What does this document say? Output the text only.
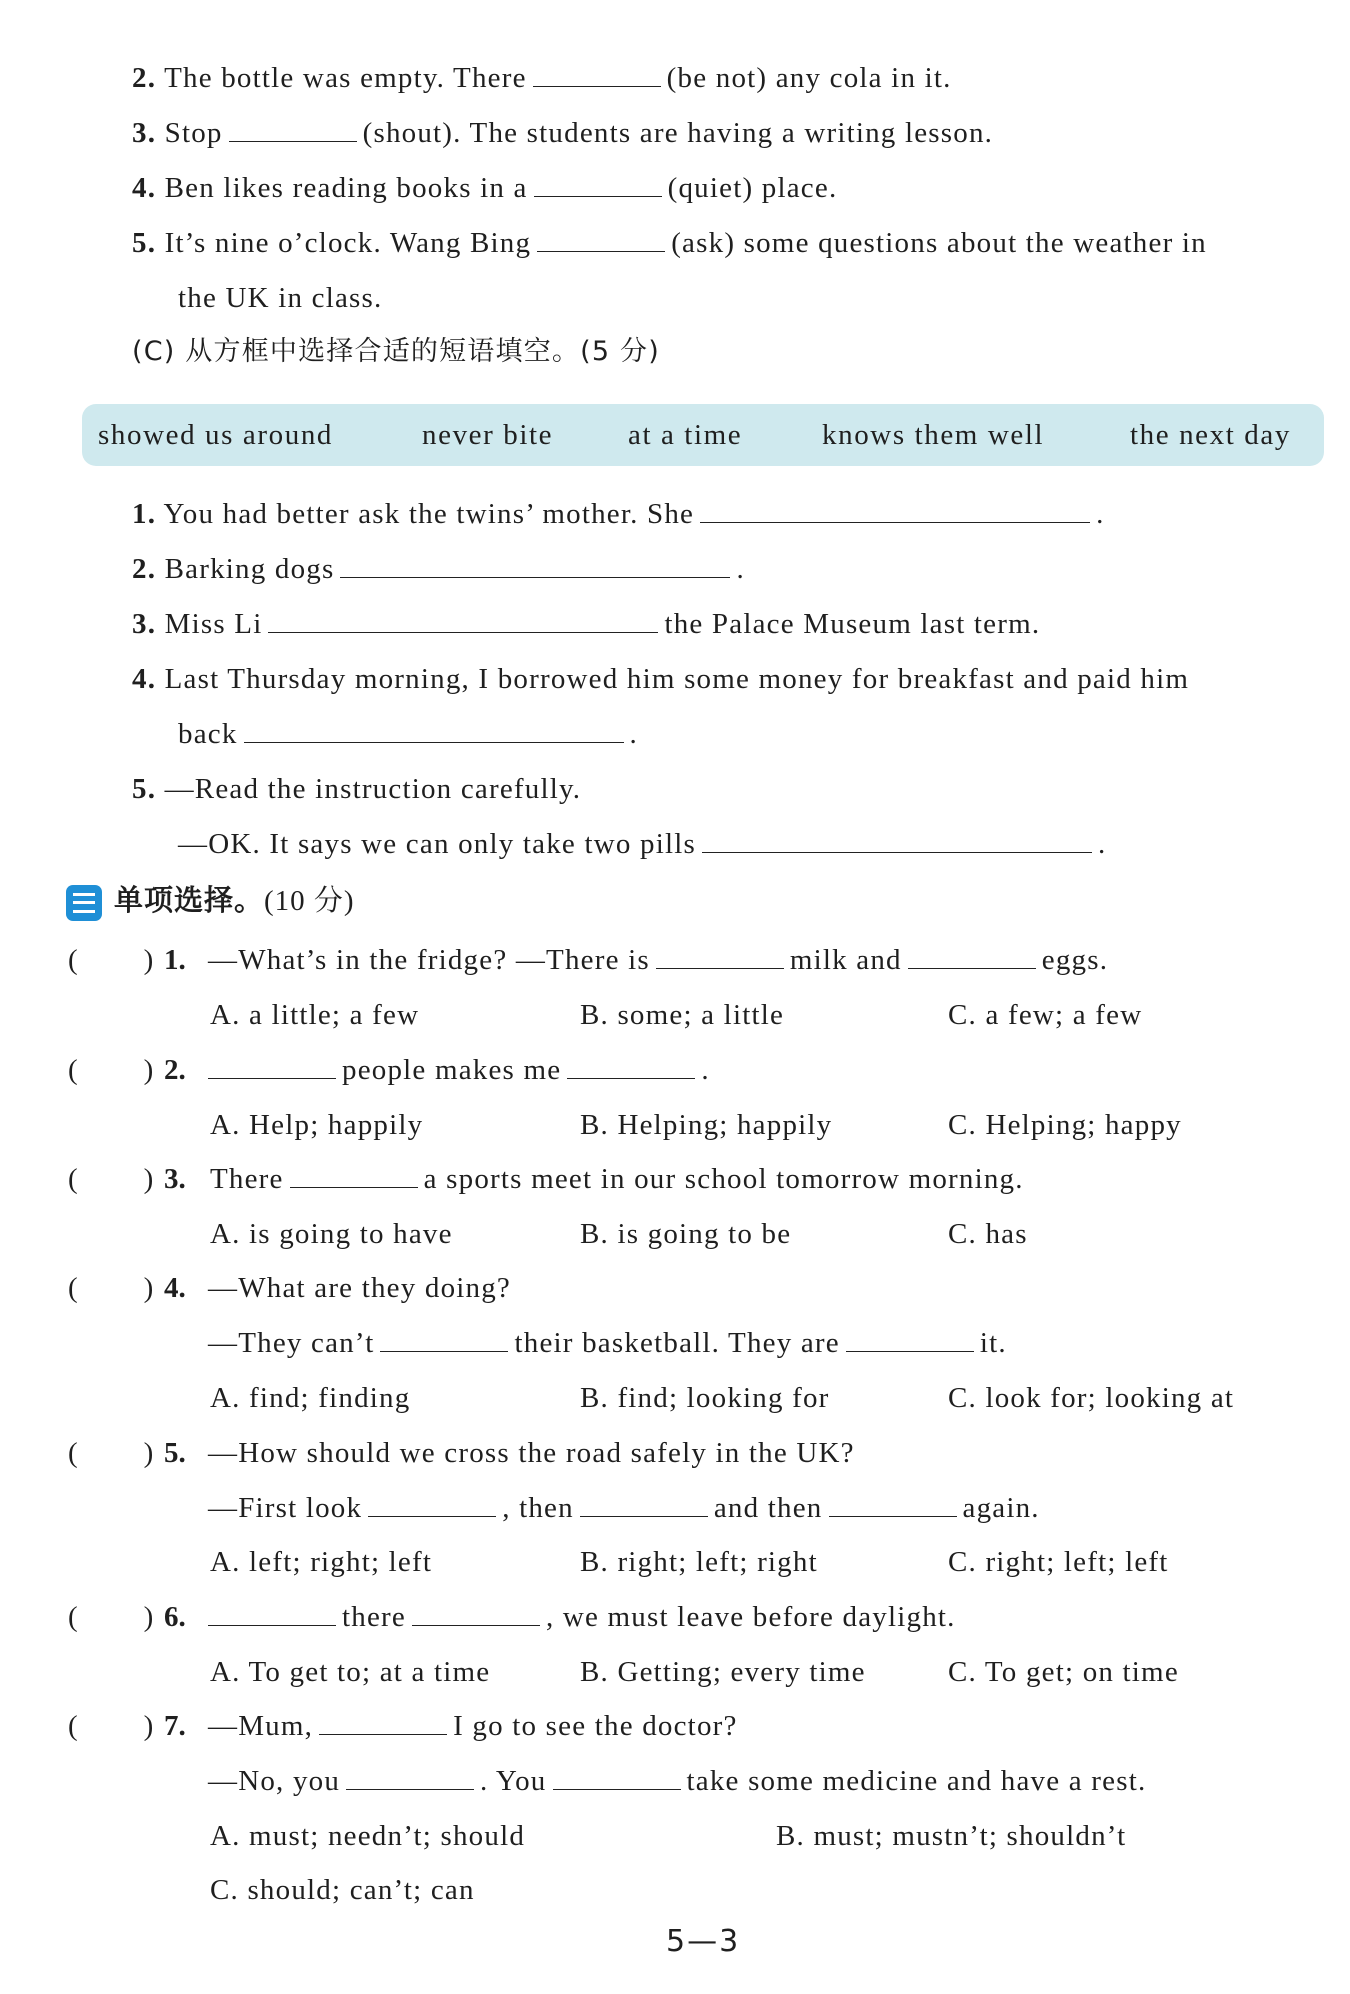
2. The bottle was empty. There	(be not) any cola in it.
3. Stop	(shout). The students are having a writing lesson.
4. Ben likes reading books in a	(quiet) place.
5. It’s nine o’clock. Wang Bing	(ask) some questions about the weather in
the UK in class.
(C) 从方框中选择合适的短语填空。(5 分)
showed us around	never bite	at a time	knows them well	the next day
1. You had better ask the twins’ mother. She	.
2. Barking dogs	.
3. Miss Li	the Palace Museum last term.
4. Last Thursday morning, I borrowed him some money for breakfast and paid him
back	.
5. —Read the instruction carefully.
—OK. It says we can only take two pills	.
单项选择。(10 分)
( ) 1. —What’s in the fridge? —There is	milk and	eggs.
A. a little; a few	B. some; a little	C. a few; a few
( ) 2.	people makes me	.
A. Help; happily	B. Helping; happily	C. Helping; happy
( ) 3. There	a sports meet in our school tomorrow morning.
A. is going to have	B. is going to be	C. has
( ) 4. —What are they doing?
—They can’t	their basketball. They are	it.
A. find; finding	B. find; looking for	C. look for; looking at
( ) 5. —How should we cross the road safely in the UK?
—First look	, then	and then	again.
A. left; right; left	B. right; left; right	C. right; left; left
( ) 6.	there	, we must leave before daylight.
A. To get to; at a time	B. Getting; every time	C. To get; on time
( ) 7. —Mum,	I go to see the doctor?
—No, you	. You	take some medicine and have a rest.
A. must; needn’t; should	B. must; mustn’t; shouldn’t
C. should; can’t; can
5—3
